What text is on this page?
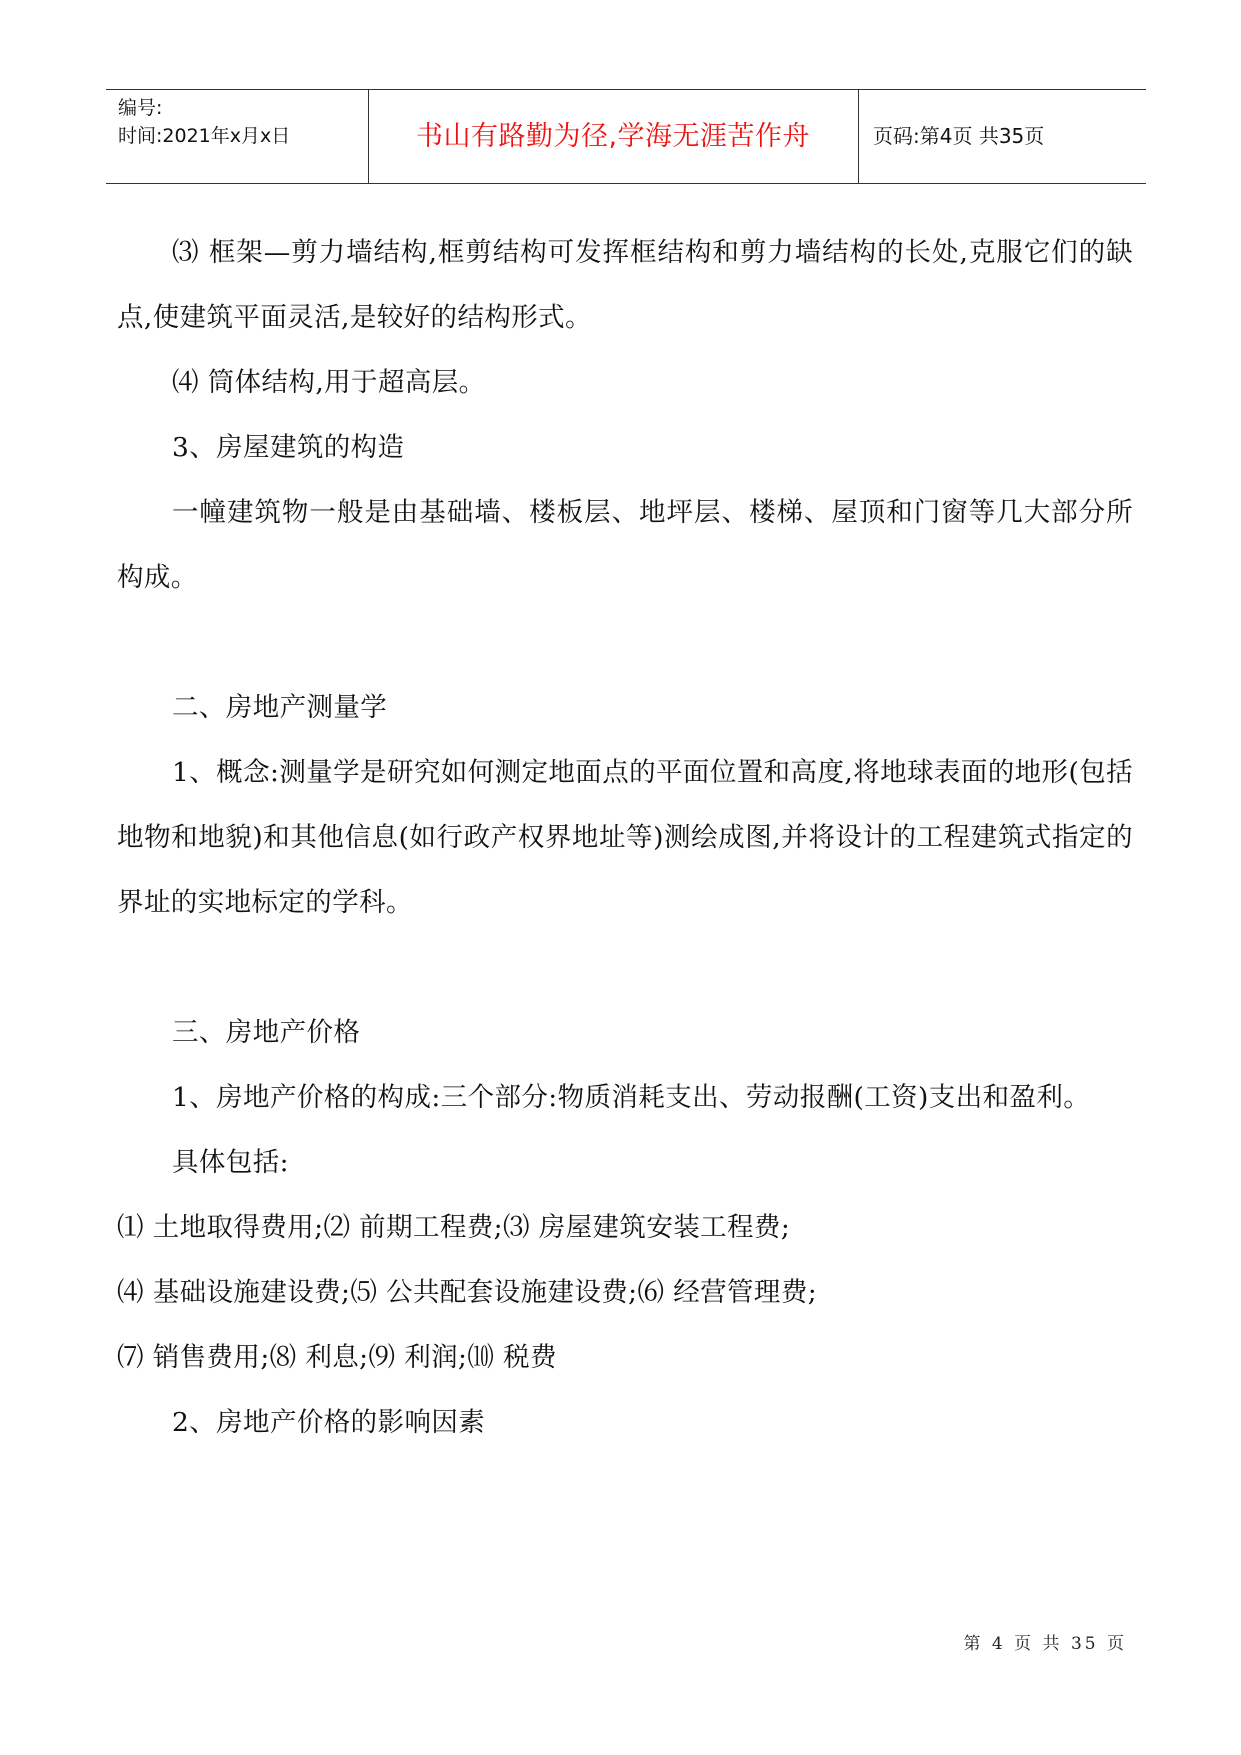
编号:
时间:2021年x月x日	书山有路勤为径,学海无涯苦作舟	页码:第4页 共35页

⑶ 框架—剪力墙结构,框剪结构可发挥框结构和剪力墙结构的长处,克服它们的缺点,使建筑平面灵活,是较好的结构形式。

⑷ 筒体结构,用于超高层。

3、房屋建筑的构造

一幢建筑物一般是由基础墙、楼板层、地坪层、楼梯、屋顶和门窗等几大部分所构成。

二、房地产测量学

1、概念:测量学是研究如何测定地面点的平面位置和高度,将地球表面的地形(包括地物和地貌)和其他信息(如行政产权界地址等)测绘成图,并将设计的工程建筑式指定的界址的实地标定的学科。

三、房地产价格

1、房地产价格的构成:三个部分:物质消耗支出、劳动报酬(工资)支出和盈利。

具体包括:

⑴ 土地取得费用;⑵ 前期工程费;⑶ 房屋建筑安装工程费;

⑷ 基础设施建设费;⑸ 公共配套设施建设费;⑹ 经营管理费;

⑺ 销售费用;⑻ 利息;⑼ 利润;⑽ 税费

2、房地产价格的影响因素

第 4 页 共 35 页
